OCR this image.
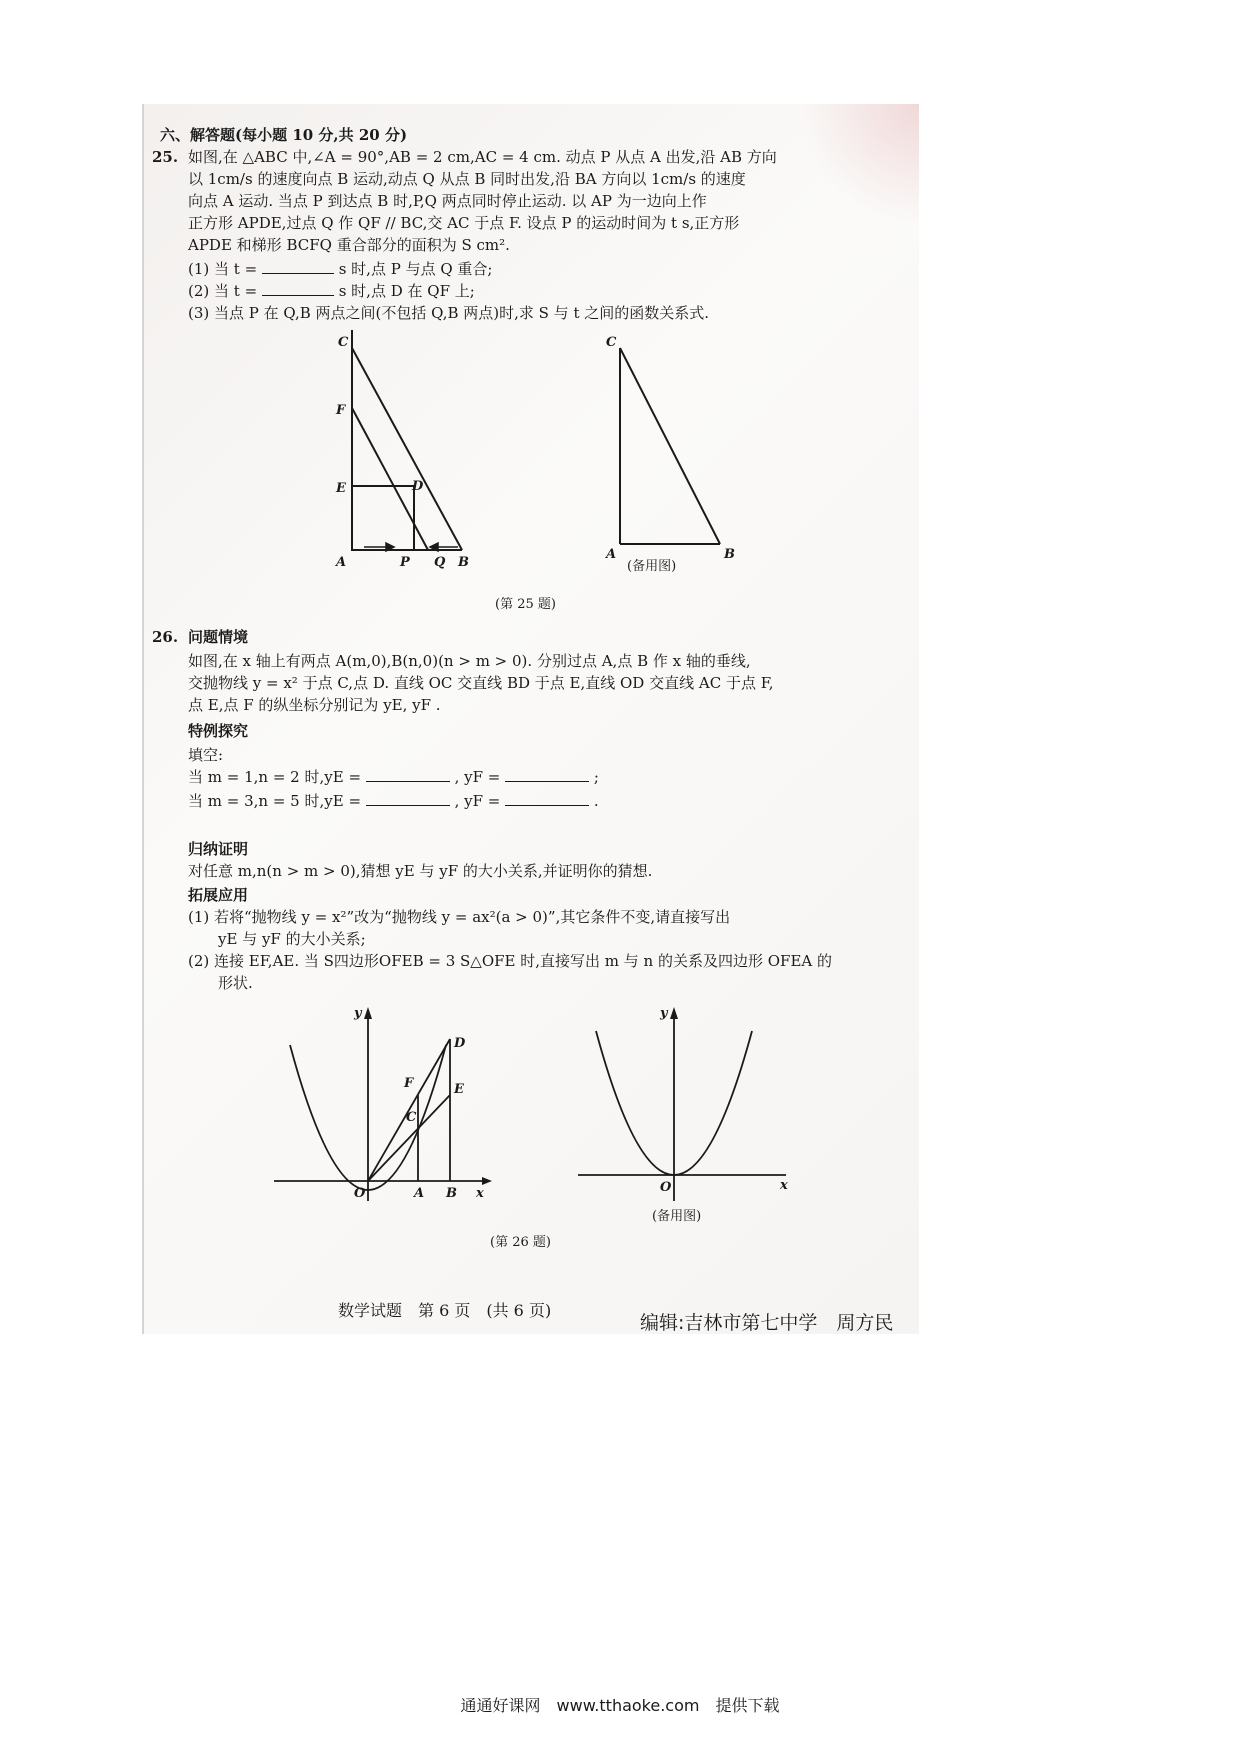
六、解答题(每小题 10 分,共 20 分)
25. 如图,在 △ABC 中,∠A = 90°,AB = 2 cm,AC = 4 cm. 动点 P 从点 A 出发,沿 AB 方向
以 1cm/s 的速度向点 B 运动,动点 Q 从点 B 同时出发,沿 BA 方向以 1cm/s 的速度
向点 A 运动. 当点 P 到达点 B 时,P,Q 两点同时停止运动. 以 AP 为一边向上作
正方形 APDE,过点 Q 作 QF // BC,交 AC 于点 F. 设点 P 的运动时间为 t s,正方形
APDE 和梯形 BCFQ 重合部分的面积为 S cm².
(1) 当 t =	s 时,点 P 与点 Q 重合;
(2) 当 t =	s 时,点 D 在 QF 上;
(3) 当点 P 在 Q,B 两点之间(不包括 Q,B 两点)时,求 S 与 t 之间的函数关系式.
C
F
E	D
A	P Q B
C
A	B
(备用图)
(第 25 题)
26. 问题情境
如图,在 x 轴上有两点 A(m,0),B(n,0)(n > m > 0). 分别过点 A,点 B 作 x 轴的垂线,
交抛物线 y = x² 于点 C,点 D. 直线 OC 交直线 BD 于点 E,直线 OD 交直线 AC 于点 F,
点 E,点 F 的纵坐标分别记为 yE, yF .
特例探究
填空:
当 m = 1,n = 2 时,yE =	, yF =	;
当 m = 3,n = 5 时,yE =	, yF =	.
归纳证明
对任意 m,n(n > m > 0),猜想 yE 与 yF 的大小关系,并证明你的猜想.
拓展应用
(1) 若将“抛物线 y = x²”改为“抛物线 y = ax²(a > 0)”,其它条件不变,请直接写出
yE 与 yF 的大小关系;
(2) 连接 EF,AE. 当 S四边形OFEB = 3 S△OFE 时,直接写出 m 与 n 的关系及四边形 OFEA 的
形状.
y
x
O	A B
C
D
E
F
y
x
O
(备用图)
(第 26 题)
数学试题　第 6 页　(共 6 页)
编辑:吉林市第七中学　周方民
通通好课网　www.tthaoke.com　提供下载
